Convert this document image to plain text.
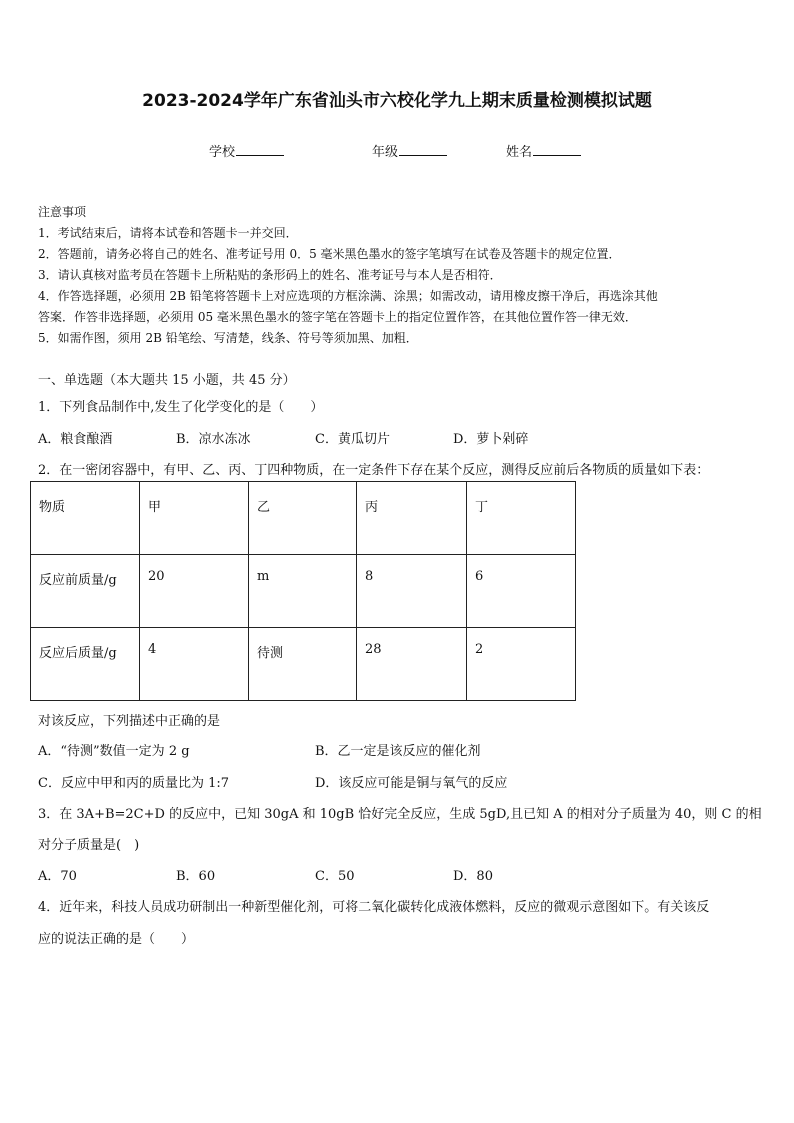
2023-2024学年广东省汕头市六校化学九上期末质量检测模拟试题
学校	年级	姓名
注意事项
1．考试结束后，请将本试卷和答题卡一并交回．
2．答题前，请务必将自己的姓名、准考证号用 0．5 毫米黑色墨水的签字笔填写在试卷及答题卡的规定位置．
3．请认真核对监考员在答题卡上所粘贴的条形码上的姓名、准考证号与本人是否相符．
4．作答选择题，必须用 2B 铅笔将答题卡上对应选项的方框涂满、涂黑；如需改动，请用橡皮擦干净后，再选涂其他
答案．作答非选择题，必须用 05 毫米黑色墨水的签字笔在答题卡上的指定位置作答，在其他位置作答一律无效．
5．如需作图，须用 2B 铅笔绘、写清楚，线条、符号等须加黑、加粗．
一、单选题（本大题共 15 小题，共 45 分）
1．下列食品制作中,发生了化学变化的是（　　）
A．粮食酿酒	B．凉水冻冰	C．黄瓜切片	D．萝卜剁碎
2．在一密闭容器中，有甲、乙、丙、丁四种物质，在一定条件下存在某个反应，测得反应前后各物质的质量如下表：
物质	甲	乙	丙	丁
反应前质量/g	20	m	8	6
反应后质量/g	4	待测	28	2
对该反应，下列描述中正确的是
A．“待测”数值一定为 2 g	B．乙一定是该反应的催化剂
C．反应中甲和丙的质量比为 1:7	D．该反应可能是铜与氧气的反应
3．在 3A+B=2C+D 的反应中，已知 30gA 和 10gB 恰好完全反应，生成 5gD,且已知 A 的相对分子质量为 40，则 C 的相
对分子质量是(　)
A．70	B．60	C．50	D．80
4．近年来，科技人员成功研制出一种新型催化剂，可将二氧化碳转化成液体燃料，反应的微观示意图如下。有关该反
应的说法正确的是（　　）
